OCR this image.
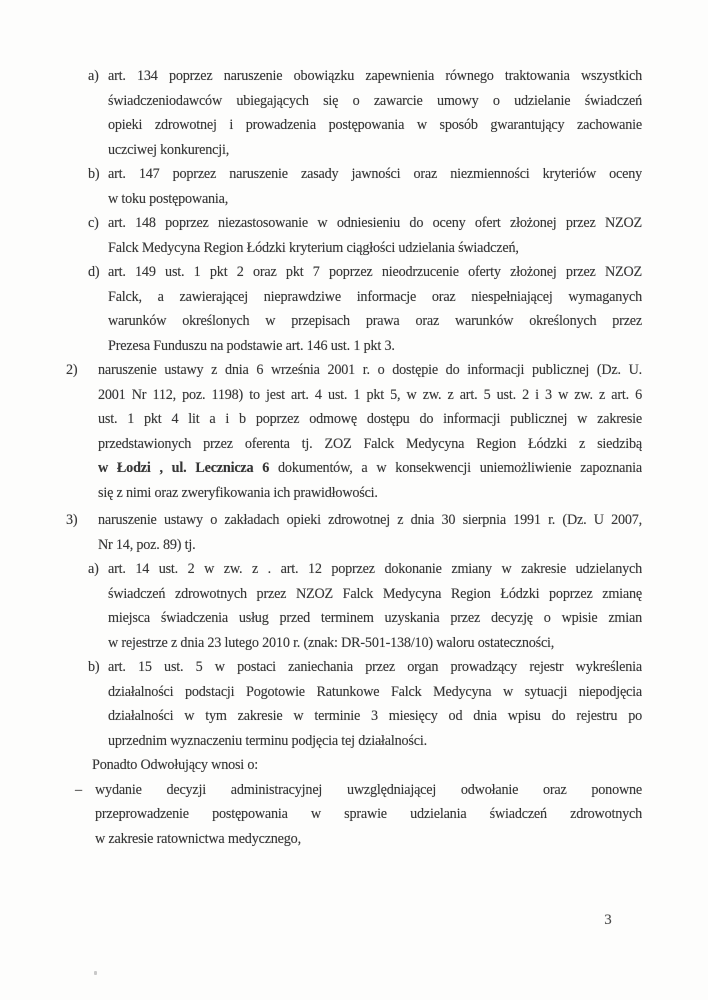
a) art. 134 poprzez naruszenie obowiązku zapewnienia równego traktowania wszystkich
świadczeniodawców ubiegających się o zawarcie umowy o udzielanie świadczeń
opieki zdrowotnej i prowadzenia postępowania w sposób gwarantujący zachowanie
uczciwej konkurencji,
b) art. 147 poprzez naruszenie zasady jawności oraz niezmienności kryteriów oceny
w toku postępowania,
c) art. 148 poprzez niezastosowanie w odniesieniu do oceny ofert złożonej przez NZOZ
Falck Medycyna Region Łódzki kryterium ciągłości udzielania świadczeń,
d) art. 149 ust. 1 pkt 2 oraz pkt 7 poprzez nieodrzucenie oferty złożonej przez NZOZ
Falck, a zawierającej nieprawdziwe informacje oraz niespełniającej wymaganych
warunków określonych w przepisach prawa oraz warunków określonych przez
Prezesa Funduszu na podstawie art. 146 ust. 1 pkt 3.
2) naruszenie ustawy z dnia 6 września 2001 r. o dostępie do informacji publicznej (Dz. U.
2001 Nr 112, poz. 1198) to jest art. 4 ust. 1 pkt 5, w zw. z art. 5 ust. 2 i 3 w zw. z art. 6
ust. 1 pkt 4 lit a i b poprzez odmowę dostępu do informacji publicznej w zakresie
przedstawionych przez oferenta tj. ZOZ Falck Medycyna Region Łódzki z siedzibą
w Łodzi , ul. Lecznicza 6 dokumentów, a w konsekwencji uniemożliwienie zapoznania
się z nimi oraz zweryfikowania ich prawidłowości.
3) naruszenie ustawy o zakładach opieki zdrowotnej z dnia 30 sierpnia 1991 r. (Dz. U 2007,
Nr 14, poz. 89) tj.
a) art. 14 ust. 2 w zw. z . art. 12 poprzez dokonanie zmiany w zakresie udzielanych
świadczeń zdrowotnych przez NZOZ Falck Medycyna Region Łódzki poprzez zmianę
miejsca świadczenia usług przed terminem uzyskania przez decyzję o wpisie zmian
w rejestrze z dnia 23 lutego 2010 r. (znak: DR-501-138/10) waloru ostateczności,
b) art. 15 ust. 5 w postaci zaniechania przez organ prowadzący rejestr wykreślenia
działalności podstacji Pogotowie Ratunkowe Falck Medycyna w sytuacji niepodjęcia
działalności w tym zakresie w terminie 3 miesięcy od dnia wpisu do rejestru po
uprzednim wyznaczeniu terminu podjęcia tej działalności.
Ponadto Odwołujący wnosi o:
– wydanie decyzji administracyjnej uwzględniającej odwołanie oraz ponowne
przeprowadzenie postępowania w sprawie udzielania świadczeń zdrowotnych
w zakresie ratownictwa medycznego,
3
